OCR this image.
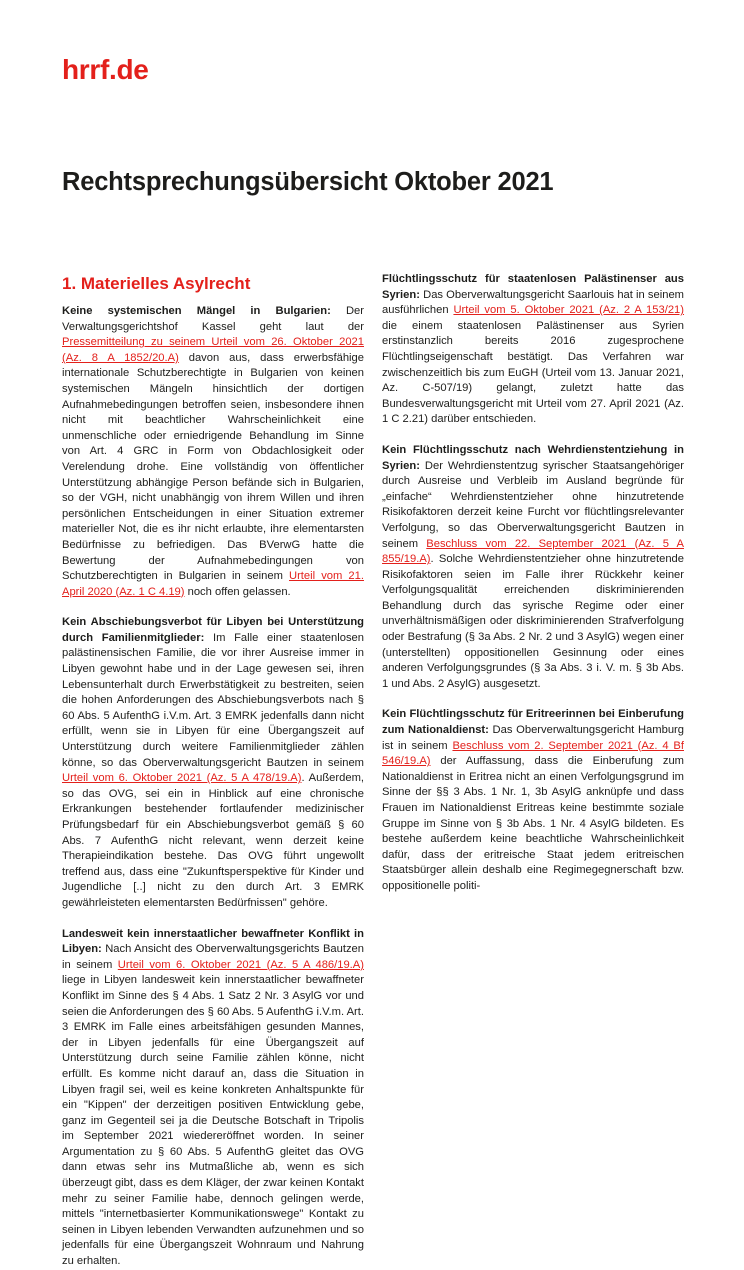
hrrf.de
Rechtsprechungsübersicht Oktober 2021
1. Materielles Asylrecht

Keine systemischen Mängel in Bulgarien: Der Verwaltungsgerichtshof Kassel geht laut der Pressemitteilung zu seinem Urteil vom 26. Oktober 2021 (Az. 8 A 1852/20.A) davon aus, dass erwerbsfähige internationale Schutzberechtigte in Bulgarien von keinen systemischen Mängeln hinsichtlich der dortigen Aufnahmebedingungen betroffen seien, insbesondere ihnen nicht mit beachtlicher Wahrscheinlichkeit eine unmenschliche oder erniedrigende Behandlung im Sinne von Art. 4 GRC in Form von Obdachlosigkeit oder Verelendung drohe. Eine vollständig von öffentlicher Unterstützung abhängige Person befände sich in Bulgarien, so der VGH, nicht unabhängig von ihrem Willen und ihren persönlichen Entscheidungen in einer Situation extremer materieller Not, die es ihr nicht erlaubte, ihre elementarsten Bedürfnisse zu befriedigen. Das BVerwG hatte die Bewertung der Aufnahmebedingungen von Schutzberechtigten in Bulgarien in seinem Urteil vom 21. April 2020 (Az. 1 C 4.19) noch offen gelassen.

Kein Abschiebungsverbot für Libyen bei Unterstützung durch Familienmitglieder: Im Falle einer staatenlosen palästinensischen Familie, die vor ihrer Ausreise immer in Libyen gewohnt habe und in der Lage gewesen sei, ihren Lebensunterhalt durch Erwerbstätigkeit zu bestreiten, seien die hohen Anforderungen des Abschiebungsverbots nach § 60 Abs. 5 AufenthG i.V.m. Art. 3 EMRK jedenfalls dann nicht erfüllt, wenn sie in Libyen für eine Übergangszeit auf Unterstützung durch weitere Familienmitglieder zählen könne, so das Oberverwaltungsgericht Bautzen in seinem Urteil vom 6. Oktober 2021 (Az. 5 A 478/19.A). Außerdem, so das OVG, sei ein in Hinblick auf eine chronische Erkrankungen bestehender fortlaufender medizinischer Prüfungsbedarf für ein Abschiebungsverbot gemäß § 60 Abs. 7 AufenthG nicht relevant, wenn derzeit keine Therapieindikation bestehe. Das OVG führt ungewollt treffend aus, dass eine "Zukunftsperspektive für Kinder und Jugendliche [..] nicht zu den durch Art. 3 EMRK gewährleisteten elementarsten Bedürfnissen" gehöre.

Landesweit kein innerstaatlicher bewaffneter Konflikt in Libyen: Nach Ansicht des Oberverwaltungsgerichts Bautzen in seinem Urteil vom 6. Oktober 2021 (Az. 5 A 486/19.A) liege in Libyen landesweit kein innerstaatlicher bewaffneter Konflikt im Sinne des § 4 Abs. 1 Satz 2 Nr. 3 AsylG vor und seien die Anforderungen des § 60 Abs. 5 AufenthG i.V.m. Art. 3 EMRK im Falle eines arbeitsfähigen gesunden Mannes, der in Libyen jedenfalls für eine Übergangszeit auf Unterstützung durch seine Familie zählen könne, nicht erfüllt. Es komme nicht darauf an, dass die Situation in Libyen fragil sei, weil es keine konkreten Anhaltspunkte für ein "Kippen" der derzeitigen positiven Entwicklung gebe, ganz im Gegenteil sei ja die Deutsche Botschaft in Tripolis im September 2021 wiedereröffnet worden. In seiner Argumentation zu § 60 Abs. 5 AufenthG gleitet das OVG dann etwas sehr ins Mutmaßliche ab, wenn es sich überzeugt gibt, dass es dem Kläger, der zwar keinen Kontakt mehr zu seiner Familie habe, dennoch gelingen werde, mittels "internetbasierter Kommunikationswege" Kontakt zu seinen in Libyen lebenden Verwandten aufzunehmen und so jedenfalls für eine Übergangszeit Wohnraum und Nahrung zu erhalten.

Flüchtlingsschutz für staatenlosen Palästinenser aus Syrien: Das Oberverwaltungsgericht Saarlouis hat in seinem ausführlichen Urteil vom 5. Oktober 2021 (Az. 2 A 153/21) die einem staatenlosen Palästinenser aus Syrien erstinstanzlich bereits 2016 zugesprochene Flüchtlingseigenschaft bestätigt. Das Verfahren war zwischenzeitlich bis zum EuGH (Urteil vom 13. Januar 2021, Az. C-507/19) gelangt, zuletzt hatte das Bundesverwaltungsgericht mit Urteil vom 27. April 2021 (Az. 1 C 2.21) darüber entschieden.

Kein Flüchtlingsschutz nach Wehrdienstentziehung in Syrien: Der Wehrdienstentzug syrischer Staatsangehöriger durch Ausreise und Verbleib im Ausland begründe für „einfache“ Wehrdienstentzieher ohne hinzutretende Risikofaktoren derzeit keine Furcht vor flüchtlingsrelevanter Verfolgung, so das Oberverwaltungsgericht Bautzen in seinem Beschluss vom 22. September 2021 (Az. 5 A 855/19.A). Solche Wehrdienstentzieher ohne hinzutretende Risikofaktoren seien im Falle ihrer Rückkehr keiner Verfolgungsqualität erreichenden diskriminierenden Behandlung durch das syrische Regime oder einer unverhältnismäßigen oder diskriminierenden Strafverfolgung oder Bestrafung (§ 3a Abs. 2 Nr. 2 und 3 AsylG) wegen einer (unterstellten) oppositionellen Gesinnung oder eines anderen Verfolgungsgrundes (§ 3a Abs. 3 i. V. m. § 3b Abs. 1 und Abs. 2 AsylG) ausgesetzt.

Kein Flüchtlingsschutz für Eritreerinnen bei Einberufung zum Nationaldienst: Das Oberverwaltungsgericht Hamburg ist in seinem Beschluss vom 2. September 2021 (Az. 4 Bf 546/19.A) der Auffassung, dass die Einberufung zum Nationaldienst in Eritrea nicht an einen Verfolgungsgrund im Sinne der §§ 3 Abs. 1 Nr. 1, 3b AsylG anknüpfe und dass Frauen im Nationaldienst Eritreas keine bestimmte soziale Gruppe im Sinne von § 3b Abs. 1 Nr. 4 AsylG bildeten. Es bestehe außerdem keine beachtliche Wahrscheinlichkeit dafür, dass der eritreische Staat jedem eritreischen Staatsbürger allein deshalb eine Regimegegnerschaft bzw. oppositionelle politi-
